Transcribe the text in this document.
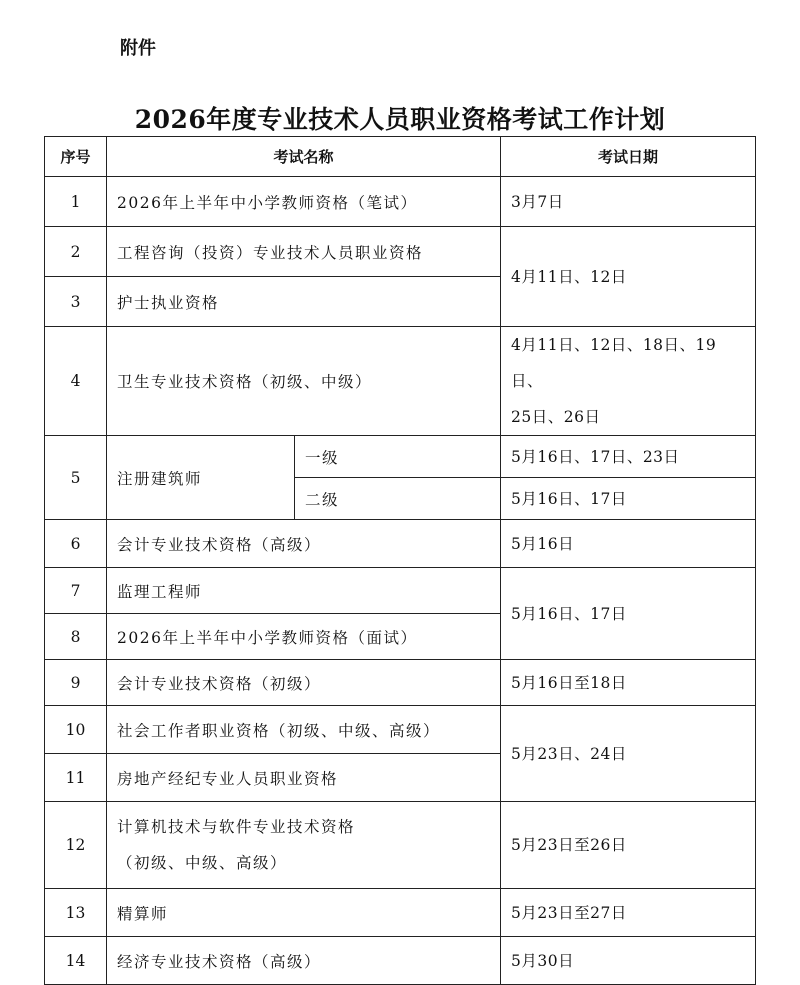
附件
2026年度专业技术人员职业资格考试工作计划
序号	考试名称		考试日期
1	2026年上半年中小学教师资格（笔试）		3月7日
2	工程咨询（投资）专业技术人员职业资格		4月11日、12日
3	护士执业资格		
4	卫生专业技术资格（初级、中级）		4月11日、12日、18日、19日、
25日、26日

5	注册建筑师	一级	5月16日、17日、23日
		二级	5月16日、17日
6	会计专业技术资格（高级）		5月16日
7	监理工程师		5月16日、17日
8	2026年上半年中小学教师资格（面试）		
9	会计专业技术资格（初级）		5月16日至18日
10	社会工作者职业资格（初级、中级、高级）		5月23日、24日
11	房地产经纪专业人员职业资格		
12	计算机技术与软件专业技术资格
（初级、中级、高级）		5月23日至26日
13	精算师		5月23日至27日
14	经济专业技术资格（高级）		5月30日
